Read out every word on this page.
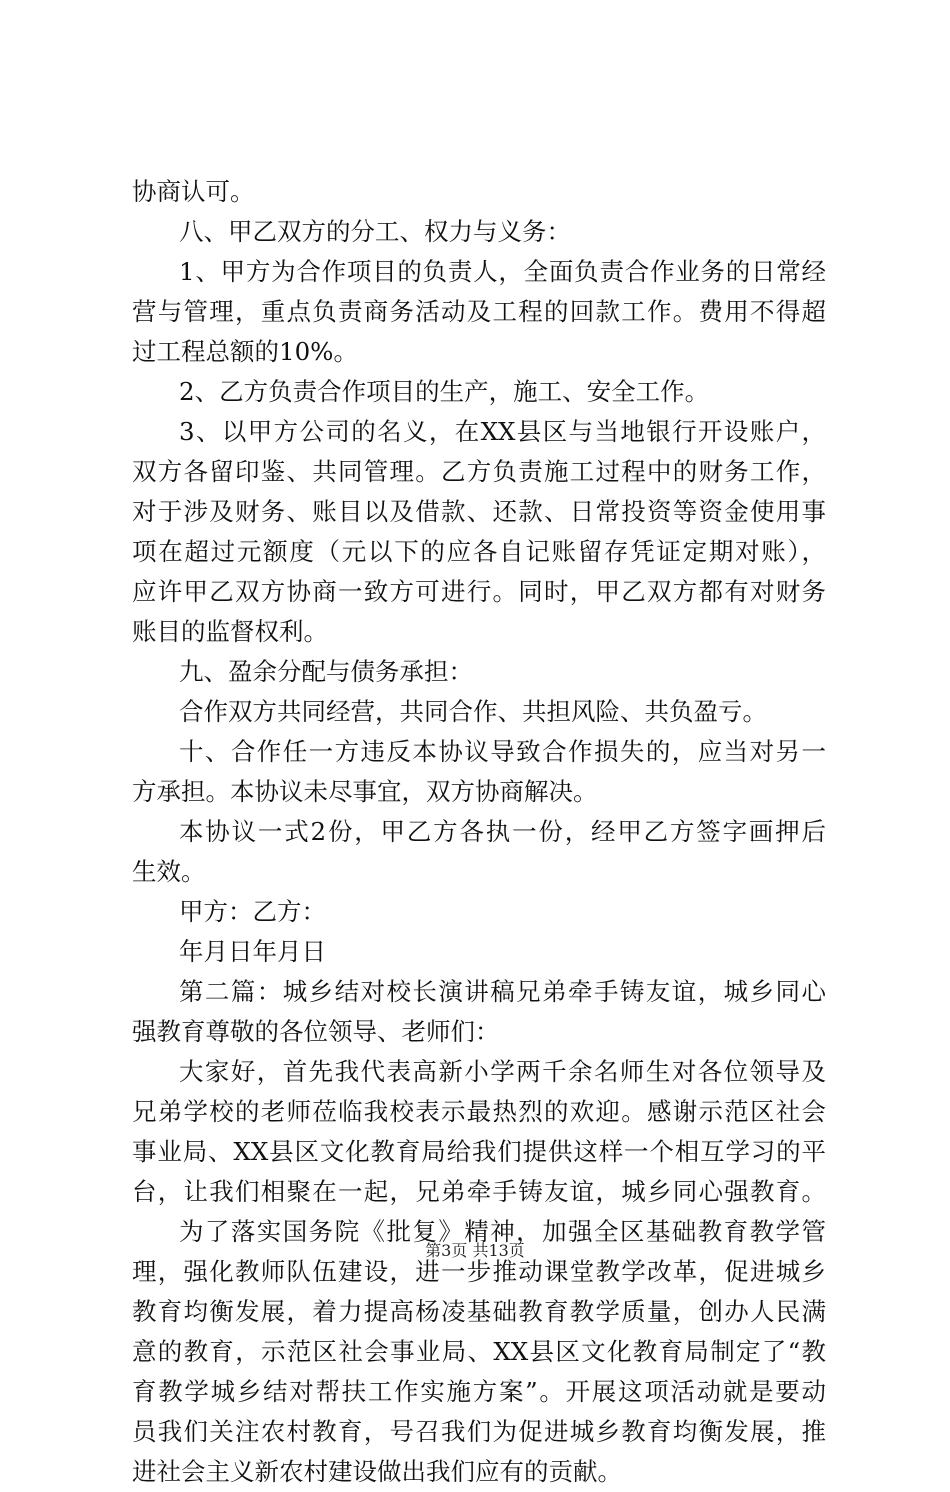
协商认可。
八、甲乙双方的分工、权力与义务：
1、甲方为合作项目的负责人，全面负责合作业务的日常经
营与管理，重点负责商务活动及工程的回款工作。费用不得超
过工程总额的10%。
2、乙方负责合作项目的生产，施工、安全工作。
3、以甲方公司的名义，在XX县区与当地银行开设账户，
双方各留印鉴、共同管理。乙方负责施工过程中的财务工作，
对于涉及财务、账目以及借款、还款、日常投资等资金使用事
项在超过元额度（元以下的应各自记账留存凭证定期对账），
应许甲乙双方协商一致方可进行。同时，甲乙双方都有对财务
账目的监督权利。
九、盈余分配与债务承担：
合作双方共同经营，共同合作、共担风险、共负盈亏。
十、合作任一方违反本协议导致合作损失的，应当对另一
方承担。本协议未尽事宜，双方协商解决。
本协议一式2份，甲乙方各执一份，经甲乙方签字画押后
生效。
甲方：乙方：
年月日年月日
第二篇：城乡结对校长演讲稿兄弟牵手铸友谊，城乡同心
强教育尊敬的各位领导、老师们：
大家好，首先我代表高新小学两千余名师生对各位领导及
兄弟学校的老师莅临我校表示最热烈的欢迎。感谢示范区社会
事业局、XX县区文化教育局给我们提供这样一个相互学习的平
台，让我们相聚在一起，兄弟牵手铸友谊，城乡同心强教育。
为了落实国务院《批复》精神，加强全区基础教育教学管
理，强化教师队伍建设，进一步推动课堂教学改革，促进城乡
教育均衡发展，着力提高杨凌基础教育教学质量，创办人民满
意的教育，示范区社会事业局、XX县区文化教育局制定了“教
育教学城乡结对帮扶工作实施方案”。开展这项活动就是要动
员我们关注农村教育，号召我们为促进城乡教育均衡发展，推
进社会主义新农村建设做出我们应有的贡献。
第3页 共13页
